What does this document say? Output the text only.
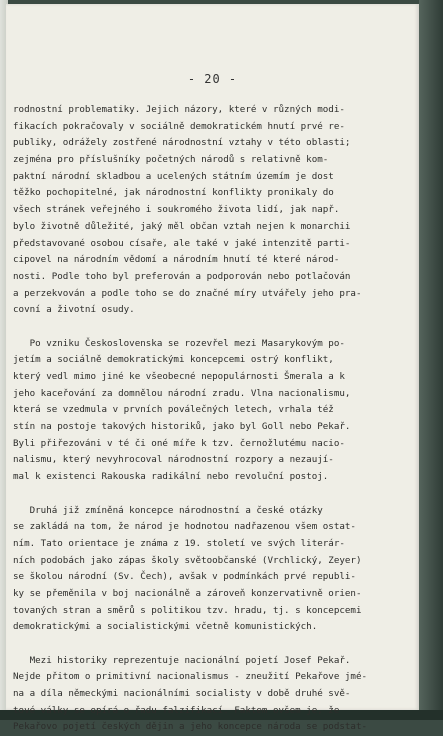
- 20 -
rodnostní problematiky. Jejich názory, které v různých modi-
fikacích pokračovaly v sociálně demokratickém hnutí prvé re-
publiky, odrážely zostřené národnostní vztahy v této oblasti;
zejména pro příslušníky početných národů s relativně kom-
paktní národní skladbou a ucelených státním územím je dost
těžko pochopitelné, jak národnostní konflikty pronikaly do
všech stránek veřejného i soukromého života lidí, jak např.
bylo životně důležité, jaký měl občan vztah nejen k monarchii
představované osobou císaře, ale také v jaké intenzitě parti-
cipovel na národním vědomí a národním hnutí té které národ-
nosti. Podle toho byl preferován a podporován nebo potlačován
a perzekvován a podle toho se do značné míry utvářely jeho pra-
covní a životní osudy.
Po vzniku Československa se rozevřel mezi Masarykovým po-
jetím a sociálně demokratickými koncepcemi ostrý konflikt,
který vedl mimo jiné ke všeobecné nepopulárnosti Šmerala a k
jeho kaceřování za domnělou národní zradu. Vlna nacionalismu,
která se vzedmula v prvních poválečných letech, vrhala též
stín na postoje takových historiků, jako byl Goll nebo Pekař.
Byli přiřezováni v té či oné míře k tzv. černožlutému nacio-
nalismu, který nevyhrocoval národnostní rozpory a nezaují-
mal k existenci Rakouska radikální nebo revoluční postoj.
Druhá již zmíněná koncepce národnostní a české otázky
se zakládá na tom, že národ je hodnotou nadřazenou všem ostat-
ním. Tato orientace je známa z 19. století ve svých literár-
ních podobách jako zápas školy světoobčanské (Vrchlický, Zeyer)
se školou národní (Sv. Čech), avšak v podmínkách prvé republi-
ky se přeměnila v boj nacionálně a zároveň konzervativně orien-
tovaných stran a směrů s politikou tzv. hradu, tj. s koncepcemi
demokratickými a socialistickými včetně komunistických.
Mezi historiky reprezentuje nacionální pojetí Josef Pekař.
Nejde přitom o primitivní nacionalismus - zneužití Pekařove jmé-
na a díla německými nacionálními socialisty v době druhé svě-
tové války se opírá o řadu falzifikací. Faktem ovšem je, že
Pekařovo pojetí českých dějin a jeho koncepce národa se podstat-
